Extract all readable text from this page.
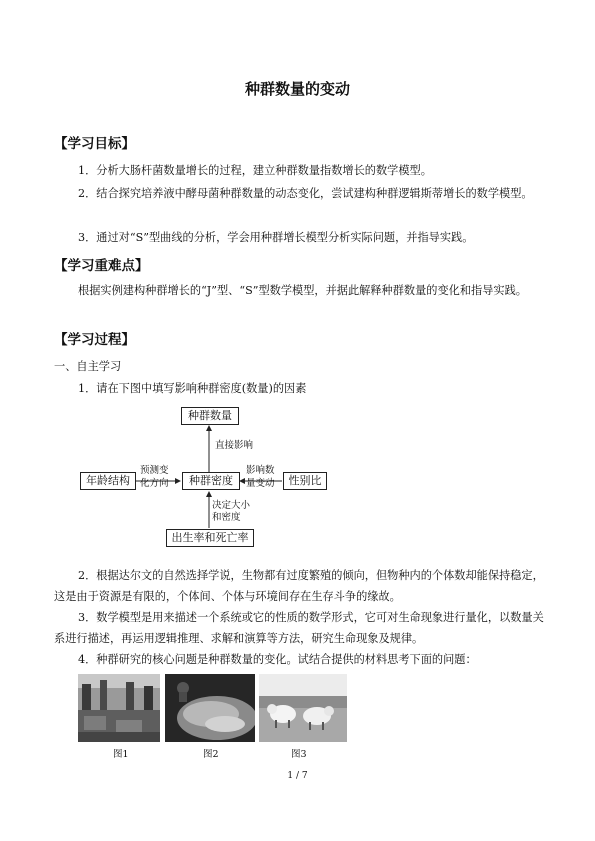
种群数量的变动
【学习目标】
1．分析大肠杆菌数量增长的过程，建立种群数量指数增长的数学模型。
2．结合探究培养液中酵母菌种群数量的动态变化，尝试建构种群逻辑斯蒂增长的数学模型。
3．通过对“S”型曲线的分析，学会用种群增长模型分析实际问题，并指导实践。
【学习重难点】
根据实例建构种群增长的“J”型、“S”型数学模型，并据此解释种群数量的变化和指导实践。
【学习过程】
一、自主学习
1．请在下图中填写影响种群密度(数量)的因素
种群数量
种群密度
年龄结构	性别比
出生率和死亡率
直接影响
预测变
化方向
影响数
量变动
决定大小
和密度
2．根据达尔文的自然选择学说，生物都有过度繁殖的倾向，但物种内的个体数却能保持稳定，这是由于资源是有限的，个体间、个体与环境间存在生存斗争的缘故。
3．数学模型是用来描述一个系统或它的性质的数学形式，它可对生命现象进行量化，以数量关系进行描述，再运用逻辑推理、求解和演算等方法，研究生命现象及规律。
4．种群研究的核心问题是种群数量的变化。试结合提供的材料思考下面的问题：
图1	图2	图3
1 / 7
